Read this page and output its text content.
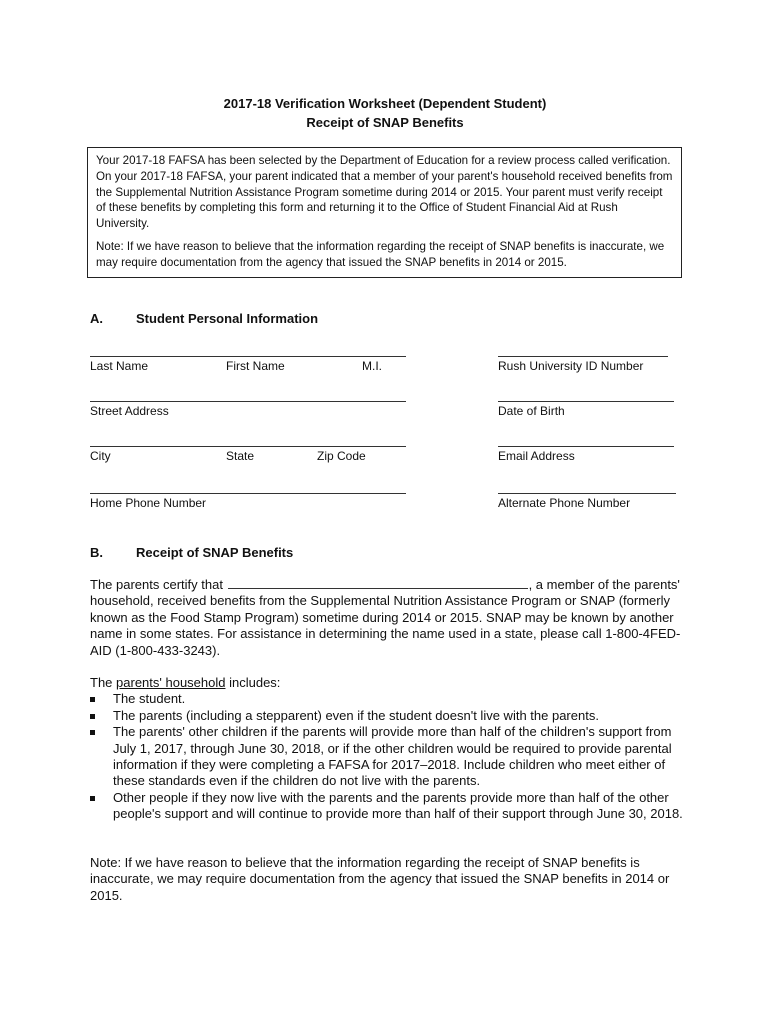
2017-18 Verification Worksheet (Dependent Student)
Receipt of SNAP Benefits

Your 2017-18 FAFSA has been selected by the Department of Education for a review process called verification. On your 2017-18 FAFSA, your parent indicated that a member of your parent's household received benefits from the Supplemental Nutrition Assistance Program sometime during 2014 or 2015. Your parent must verify receipt of these benefits by completing this form and returning it to the Office of Student Financial Aid at Rush University.

Note: If we have reason to believe that the information regarding the receipt of SNAP benefits is inaccurate, we may require documentation from the agency that issued the SNAP benefits in 2014 or 2015.

A.	Student Personal Information
Last Name	First Name	M.I.	Rush University ID Number
Street Address	Date of Birth
City	State	Zip Code	Email Address
Home Phone Number	Alternate Phone Number
B.	Receipt of SNAP Benefits

The parents certify that	, a member of the parents' household, received benefits from the Supplemental Nutrition Assistance Program or SNAP (formerly known as the Food Stamp Program) sometime during 2014 or 2015. SNAP may be known by another name in some states. For assistance in determining the name used in a state, please call 1-800-4FED-AID (1-800-433-3243).

The parents' household includes:

The student.
The parents (including a stepparent) even if the student doesn't live with the parents.
The parents' other children if the parents will provide more than half of the children's support from July 1, 2017, through June 30, 2018, or if the other children would be required to provide parental information if they were completing a FAFSA for 2017–2018. Include children who meet either of these standards even if the children do not live with the parents.
Other people if they now live with the parents and the parents provide more than half of the other people's support and will continue to provide more than half of their support through June 30, 2018.

Note: If we have reason to believe that the information regarding the receipt of SNAP benefits is inaccurate, we may require documentation from the agency that issued the SNAP benefits in 2014 or 2015.
